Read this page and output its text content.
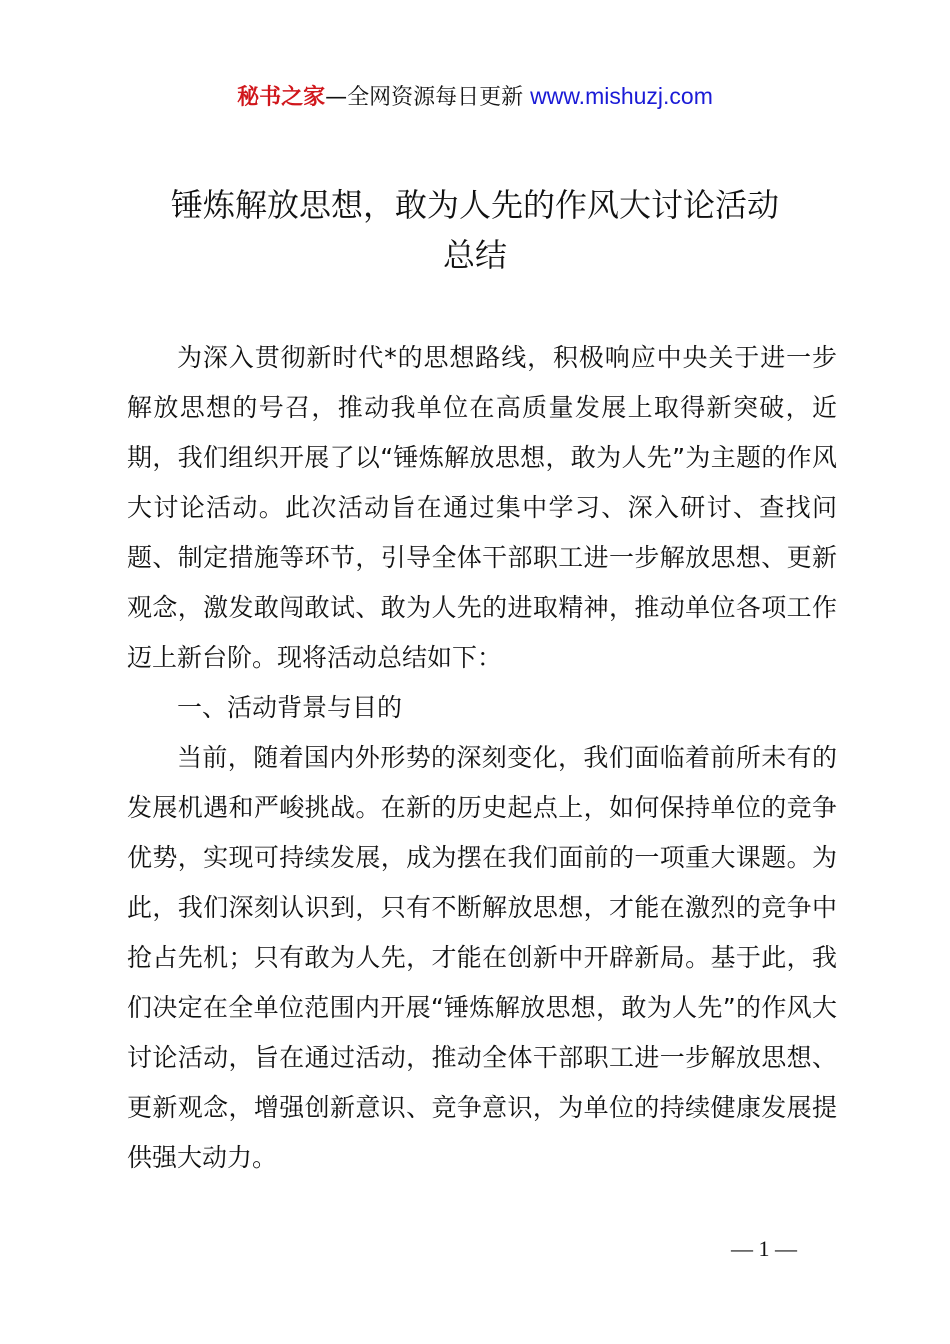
秘书之家—全网资源每日更新 www.mishuzj.com
锤炼解放思想，敢为人先的作风大讨论活动
总结

为深入贯彻新时代*的思想路线，积极响应中央关于进一步解放思想的号召，推动我单位在高质量发展上取得新突破，近期，我们组织开展了以“锤炼解放思想，敢为人先”为主题的作风大讨论活动。此次活动旨在通过集中学习、深入研讨、查找问题、制定措施等环节，引导全体干部职工进一步解放思想、更新观念，激发敢闯敢试、敢为人先的进取精神，推动单位各项工作迈上新台阶。现将活动总结如下：

一、活动背景与目的

当前，随着国内外形势的深刻变化，我们面临着前所未有的发展机遇和严峻挑战。在新的历史起点上，如何保持单位的竞争优势，实现可持续发展，成为摆在我们面前的一项重大课题。为此，我们深刻认识到，只有不断解放思想，才能在激烈的竞争中抢占先机；只有敢为人先，才能在创新中开辟新局。基于此，我们决定在全单位范围内开展“锤炼解放思想，敢为人先”的作风大讨论活动，旨在通过活动，推动全体干部职工进一步解放思想、更新观念，增强创新意识、竞争意识，为单位的持续健康发展提供强大动力。

— 1 —
